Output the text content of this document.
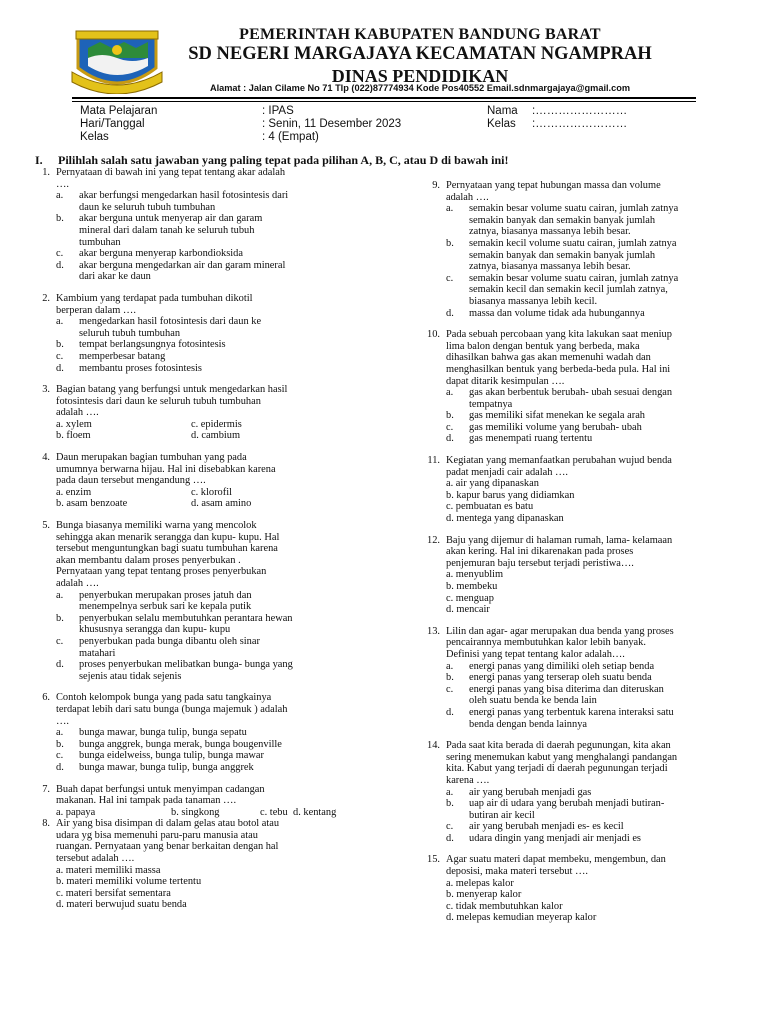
PEMERINTAH KABUPATEN BANDUNG BARAT
SD NEGERI MARGAJAYA KECAMATAN NGAMPRAH
DINAS PENDIDIKAN
Alamat : Jalan Cilame No 71 Tlp (022)87774934 Kode Pos40552 Email.sdnmargajaya@gmail.com
Mata Pelajaran	: IPAS
Hari/Tanggal	: Senin, 11 Desember 2023
Kelas	: 4 (Empat)
Nama :……………………
Kelas :……………………
I. Pilihlah salah satu jawaban yang paling tepat pada pilihan A, B, C, atau D di bawah ini!
1. Pernyataan di bawah ini yang tepat tentang akar adalah
….
a. akar berfungsi mengedarkan hasil fotosintesis dari
daun ke seluruh tubuh tumbuhan
b. akar berguna untuk menyerap air dan garam
mineral dari dalam tanah ke seluruh tubuh
tumbuhan
c. akar berguna menyerap karbondioksida
d. akar berguna mengedarkan air dan garam mineral
dari akar ke daun
2. Kambium yang terdapat pada tumbuhan dikotil
berperan dalam ….
a. mengedarkan hasil fotosintesis dari daun ke
seluruh tubuh tumbuhan
b. tempat berlangsungnya fotosintesis
c. memperbesar batang
d. membantu proses fotosintesis
3. Bagian batang yang berfungsi untuk mengedarkan hasil
fotosintesis dari daun ke seluruh tubuh tumbuhan
adalah ….
a. xylem	c. epidermis
b. floem	d. cambium
4. Daun merupakan bagian tumbuhan yang pada
umumnya berwarna hijau. Hal ini disebabkan karena
pada daun tersebut mengandung ….
a. enzim	c. klorofil
b. asam benzoate	d. asam amino
5. Bunga biasanya memiliki warna yang mencolok
sehingga akan menarik serangga dan kupu- kupu. Hal
tersebut menguntungkan bagi suatu tumbuhan karena
akan membantu dalam proses penyerbukan .
Pernyataan yang tepat tentang proses penyerbukan
adalah ….
a. penyerbukan merupakan proses jatuh dan
menempelnya serbuk sari ke kepala putik
b. penyerbukan selalu membutuhkan perantara hewan
khususnya serangga dan kupu- kupu
c. penyerbukan pada bunga dibantu oleh sinar
matahari
d. proses penyerbukan melibatkan bunga- bunga yang
sejenis atau tidak sejenis
6. Contoh kelompok bunga yang pada satu tangkainya
terdapat lebih dari satu bunga (bunga majemuk ) adalah
….
a. bunga mawar, bunga tulip, bunga sepatu
b. bunga anggrek, bunga merak, bunga bougenville
c. bunga eidelweiss, bunga tulip, bunga mawar
d. bunga mawar, bunga tulip, bunga anggrek
7. Buah dapat berfungsi untuk menyimpan cadangan
makanan. Hal ini tampak pada tanaman ….
a. papaya	b. singkong	c. tebu d. kentang
8. Air yang bisa disimpan di dalam gelas atau botol atau
udara yg bisa memenuhi paru-paru manusia atau
ruangan. Pernyataan yang benar berkaitan dengan hal
tersebut adalah ….
a. materi memiliki massa
b. materi memiliki volume tertentu
c. materi bersifat sementara
d. materi berwujud suatu benda
9. Pernyataan yang tepat hubungan massa dan volume
adalah ….
a. semakin besar volume suatu cairan, jumlah zatnya
semakin banyak dan semakin banyak jumlah
zatnya, biasanya massanya lebih besar.
b. semakin kecil volume suatu cairan, jumlah zatnya
semakin banyak dan semakin banyak jumlah
zatnya, biasanya massanya lebih besar.
c. semakin besar volume suatu cairan, jumlah zatnya
semakin kecil dan semakin kecil jumlah zatnya,
biasanya massanya lebih kecil.
d. massa dan volume tidak ada hubungannya
10. Pada sebuah percobaan yang kita lakukan saat meniup
lima balon dengan bentuk yang berbeda, maka
dihasilkan bahwa gas akan memenuhi wadah dan
menghasilkan bentuk yang berbeda-beda pula. Hal ini
dapat ditarik kesimpulan ….
a. gas akan berbentuk berubah- ubah sesuai dengan
tempatnya
b. gas memiliki sifat menekan ke segala arah
c. gas memiliki volume yang berubah- ubah
d. gas menempati ruang tertentu
11. Kegiatan yang memanfaatkan perubahan wujud benda
padat menjadi cair adalah ….
a. air yang dipanaskan
b. kapur barus yang didiamkan
c. pembuatan es batu
d. mentega yang dipanaskan
12. Baju yang dijemur di halaman rumah, lama- kelamaan
akan kering. Hal ini dikarenakan pada proses
penjemuran baju tersebut terjadi peristiwa….
a. menyublim
b. membeku
c. menguap
d. mencair
13. Lilin dan agar- agar merupakan dua benda yang proses
pencairannya membutuhkan kalor lebih banyak.
Definisi yang tepat tentang kalor adalah….
a. energi panas yang dimiliki oleh setiap benda
b. energi panas yang terserap oleh suatu benda
c. energi panas yang bisa diterima dan diteruskan
oleh suatu benda ke benda lain
d. energi panas yang terbentuk karena interaksi satu
benda dengan benda lainnya
14. Pada saat kita berada di daerah pegunungan, kita akan
sering menemukan kabut yang menghalangi pandangan
kita. Kabut yang terjadi di daerah pegunungan terjadi
karena ….
a. air yang berubah menjadi gas
b. uap air di udara yang berubah menjadi butiran-
butiran air kecil
c. air yang berubah menjadi es- es kecil
d. udara dingin yang menjadi air menjadi es
15. Agar suatu materi dapat membeku, mengembun, dan
deposisi, maka materi tersebut ….
a. melepas kalor
b. menyerap kalor
c. tidak membutuhkan kalor
d. melepas kemudian meyerap kalor
